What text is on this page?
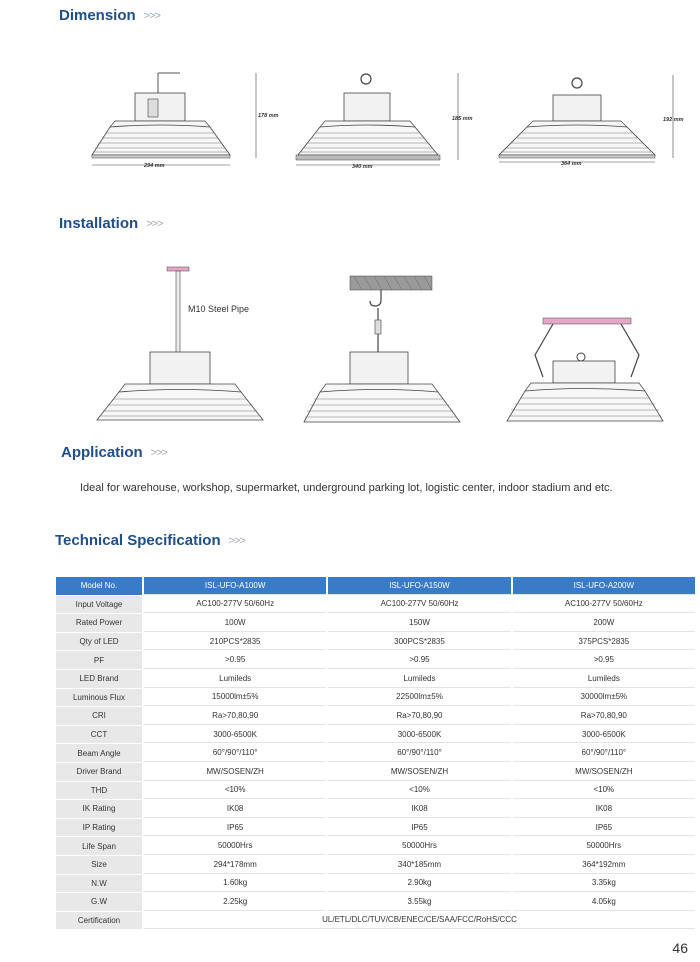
Dimension >>>
Installation >>>
Application >>>
Technical Specification >>>
178 mm
294 mm
185 mm
340 mm
192 mm
364 mm
M10 Steel Pipe
Ideal for warehouse, workshop, supermarket, underground parking lot, logistic center, indoor stadium and etc.
Model No.	ISL-UFO-A100W	ISL-UFO-A150W	ISL-UFO-A200W
Input Voltage	AC100-277V 50/60Hz	AC100-277V 50/60Hz	AC100-277V 50/60Hz
Rated Power	100W	150W	200W
Qty of LED	210PCS*2835	300PCS*2835	375PCS*2835
PF	>0.95	>0.95	>0.95
LED Brand	Lumileds	Lumileds	Lumileds
Luminous Flux	15000lm±5%	22500lm±5%	30000lm±5%
CRI	Ra>70,80,90	Ra>70,80,90	Ra>70,80,90
CCT	3000-6500K	3000-6500K	3000-6500K
Beam Angle	60°/90°/110°	60°/90°/110°	60°/90°/110°
Driver Brand	MW/SOSEN/ZH	MW/SOSEN/ZH	MW/SOSEN/ZH
THD	<10%	<10%	<10%
IK Rating	IK08	IK08	IK08
IP Rating	IP65	IP65	IP65
Life Span	50000Hrs	50000Hrs	50000Hrs
Size	294*178mm	340*185mm	364*192mm
N.W	1.60kg	2.90kg	3.35kg
G.W	2.25kg	3.55kg	4.05kg
Certification	UL/ETL/DLC/TUV/CB/ENEC/CE/SAA/FCC/RoHS/CCC		
46
